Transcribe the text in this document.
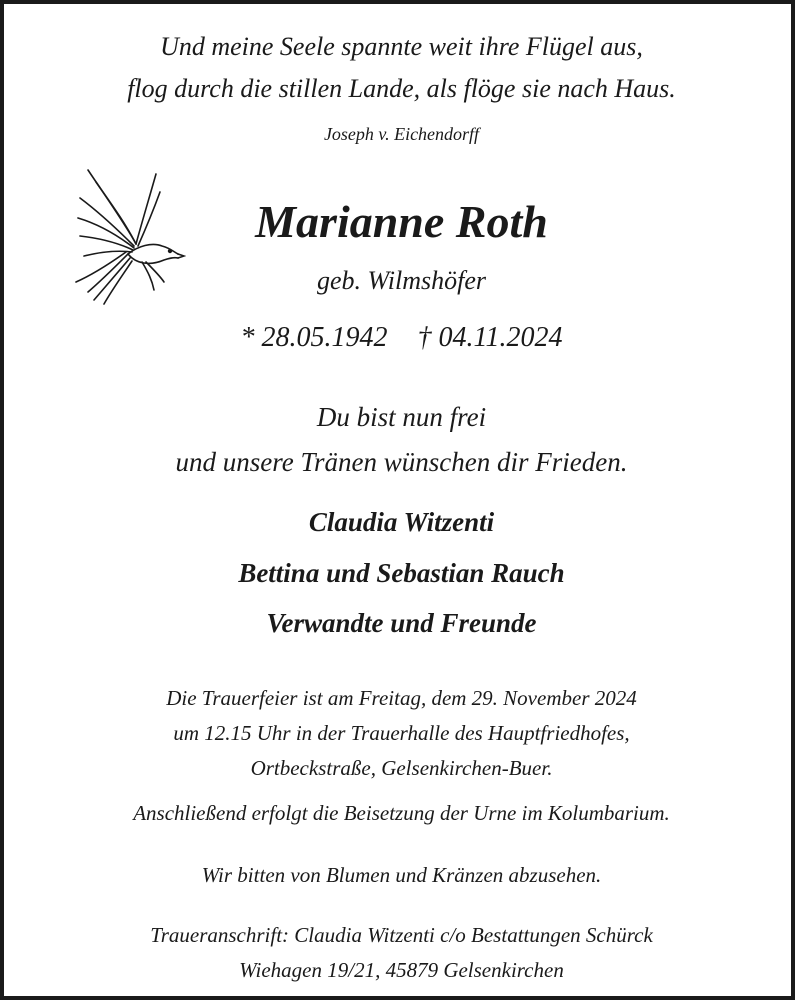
Und meine Seele spannte weit ihre Flügel aus,
flog durch die stillen Lande, als flöge sie nach Haus.
Joseph v. Eichendorff
Marianne Roth
geb. Wilmshöfer
* 28.05.1942 † 04.11.2024
Du bist nun frei
und unsere Tränen wünschen dir Frieden.
Claudia Witzenti
Bettina und Sebastian Rauch
Verwandte und Freunde
Die Trauerfeier ist am Freitag, dem 29. November 2024
um 12.15 Uhr in der Trauerhalle des Hauptfriedhofes,
Ortbeckstraße, Gelsenkirchen-Buer.
Anschließend erfolgt die Beisetzung der Urne im Kolumbarium.
Wir bitten von Blumen und Kränzen abzusehen.
Traueranschrift: Claudia Witzenti c/o Bestattungen Schürck
Wiehagen 19/21, 45879 Gelsenkirchen
